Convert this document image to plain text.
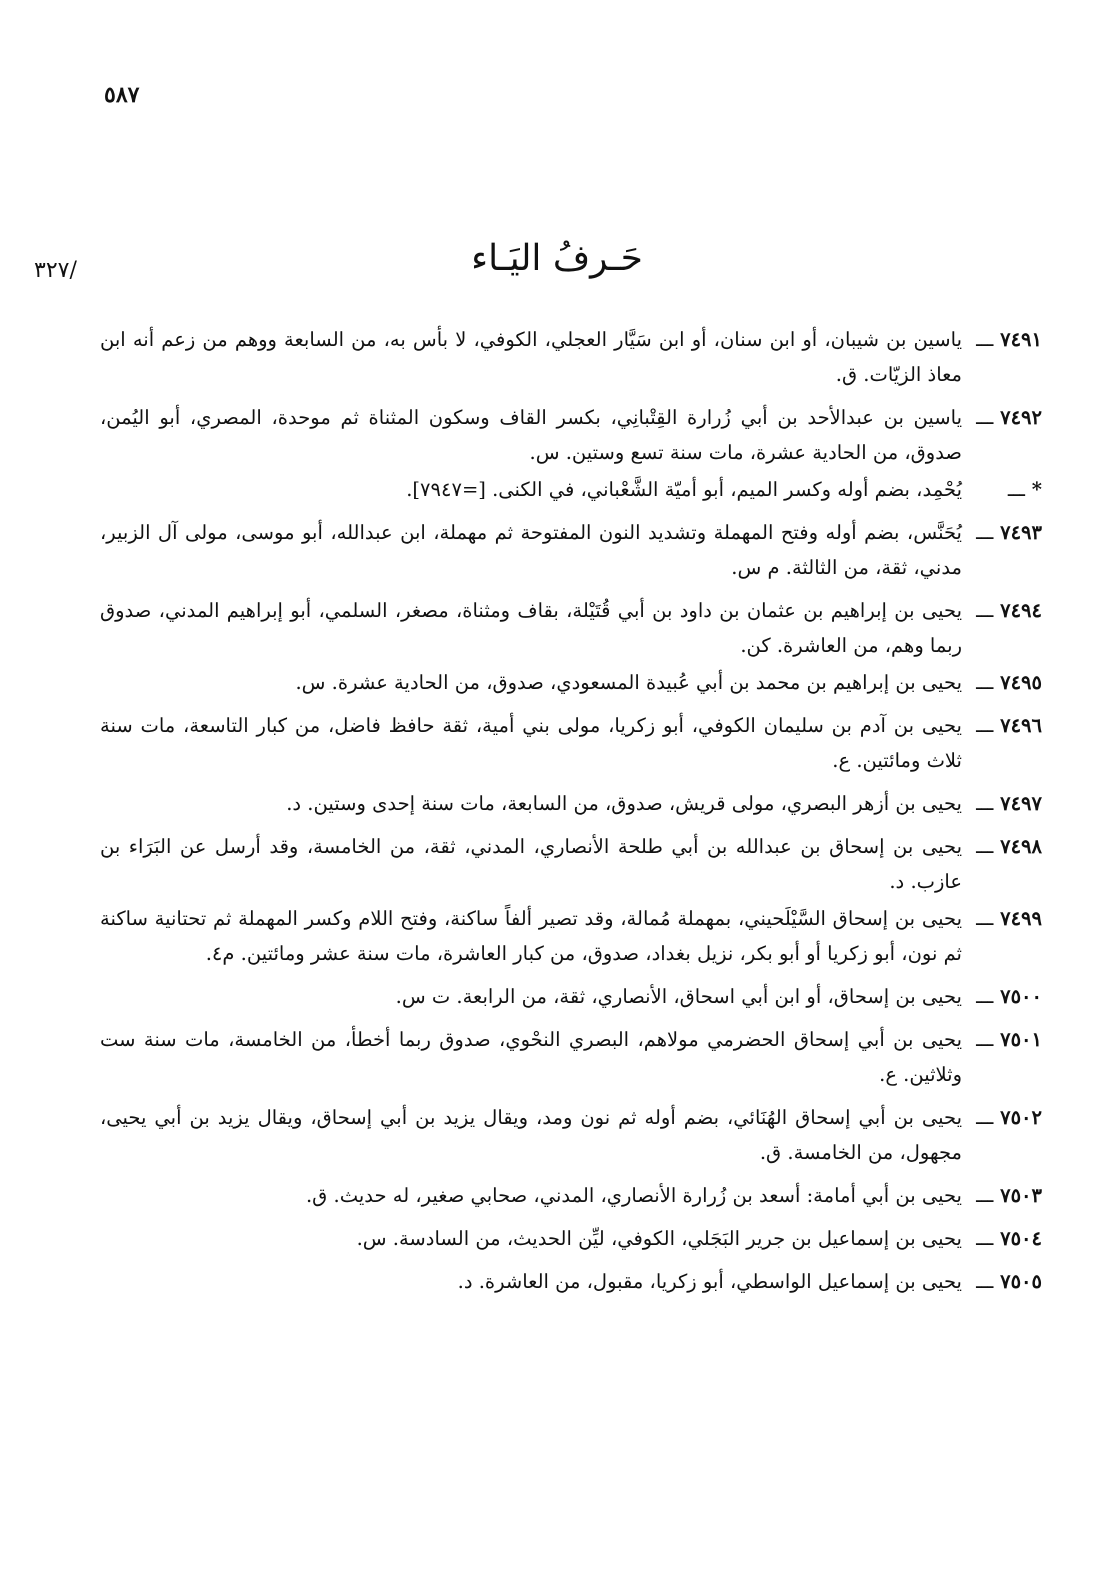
٥٨٧
/٣٢٧	حَـرفُ اليَـاء
٧٤٩١ ـــ
ياسين بن شيبان، أو ابن سنان، أو ابن سَيَّار العجلي، الكوفي، لا بأس به، من السابعة ووهم من زعم أنه ابن معاذ الزيّات. ق.
٧٤٩٢ ـــ
ياسين بن عبدالأحد بن أبي زُرارة القِتْبانِي، بكسر القاف وسكون المثناة ثم موحدة، المصري، أبو اليُمن، صدوق، من الحادية عشرة، مات سنة تسع وستين. س.
* ـــ
يُحْمِد، بضم أوله وكسر الميم، أبو أميّة الشَّعْباني، في الكنى. [=٧٩٤٧].
٧٤٩٣ ـــ
يُحَنَّس، بضم أوله وفتح المهملة وتشديد النون المفتوحة ثم مهملة، ابن عبدالله، أبو موسى، مولى آل الزبير، مدني، ثقة، من الثالثة. م س.
٧٤٩٤ ـــ
يحيى بن إبراهيم بن عثمان بن داود بن أبي قُتَيْلة، بقاف ومثناة، مصغر، السلمي، أبو إبراهيم المدني، صدوق ربما وهم، من العاشرة. كن.
٧٤٩٥ ـــ
يحيى بن إبراهيم بن محمد بن أبي عُبيدة المسعودي، صدوق، من الحادية عشرة. س.
٧٤٩٦ ـــ
يحيى بن آدم بن سليمان الكوفي، أبو زكريا، مولى بني أمية، ثقة حافظ فاضل، من كبار التاسعة، مات سنة ثلاث ومائتين. ع.
٧٤٩٧ ـــ
يحيى بن أزهر البصري، مولى قريش، صدوق، من السابعة، مات سنة إحدى وستين. د.
٧٤٩٨ ـــ
يحيى بن إسحاق بن عبدالله بن أبي طلحة الأنصاري، المدني، ثقة، من الخامسة، وقد أرسل عن البَرَاء بن عازب. د.
٧٤٩٩ ـــ
يحيى بن إسحاق السَّيْلَحيني، بمهملة مُمالة، وقد تصير ألفاً ساكنة، وفتح اللام وكسر المهملة ثم تحتانية ساكنة ثم نون، أبو زكريا أو أبو بكر، نزيل بغداد، صدوق، من كبار العاشرة، مات سنة عشر ومائتين. م٤.
٧٥٠٠ ـــ
يحيى بن إسحاق، أو ابن أبي اسحاق، الأنصاري، ثقة، من الرابعة. ت س.
٧٥٠١ ـــ
يحيى بن أبي إسحاق الحضرمي مولاهم، البصري النحْوي، صدوق ربما أخطأ، من الخامسة، مات سنة ست وثلاثين. ع.
٧٥٠٢ ـــ
يحيى بن أبي إسحاق الهُنَائي، بضم أوله ثم نون ومد، ويقال يزيد بن أبي إسحاق، ويقال يزيد بن أبي يحيى، مجهول، من الخامسة. ق.
٧٥٠٣ ـــ
يحيى بن أبي أمامة: أسعد بن زُرارة الأنصاري، المدني، صحابي صغير، له حديث. ق.
٧٥٠٤ ـــ
يحيى بن إسماعيل بن جرير البَجَلي، الكوفي، ليِّن الحديث، من السادسة. س.
٧٥٠٥ ـــ
يحيى بن إسماعيل الواسطي، أبو زكريا، مقبول، من العاشرة. د.
